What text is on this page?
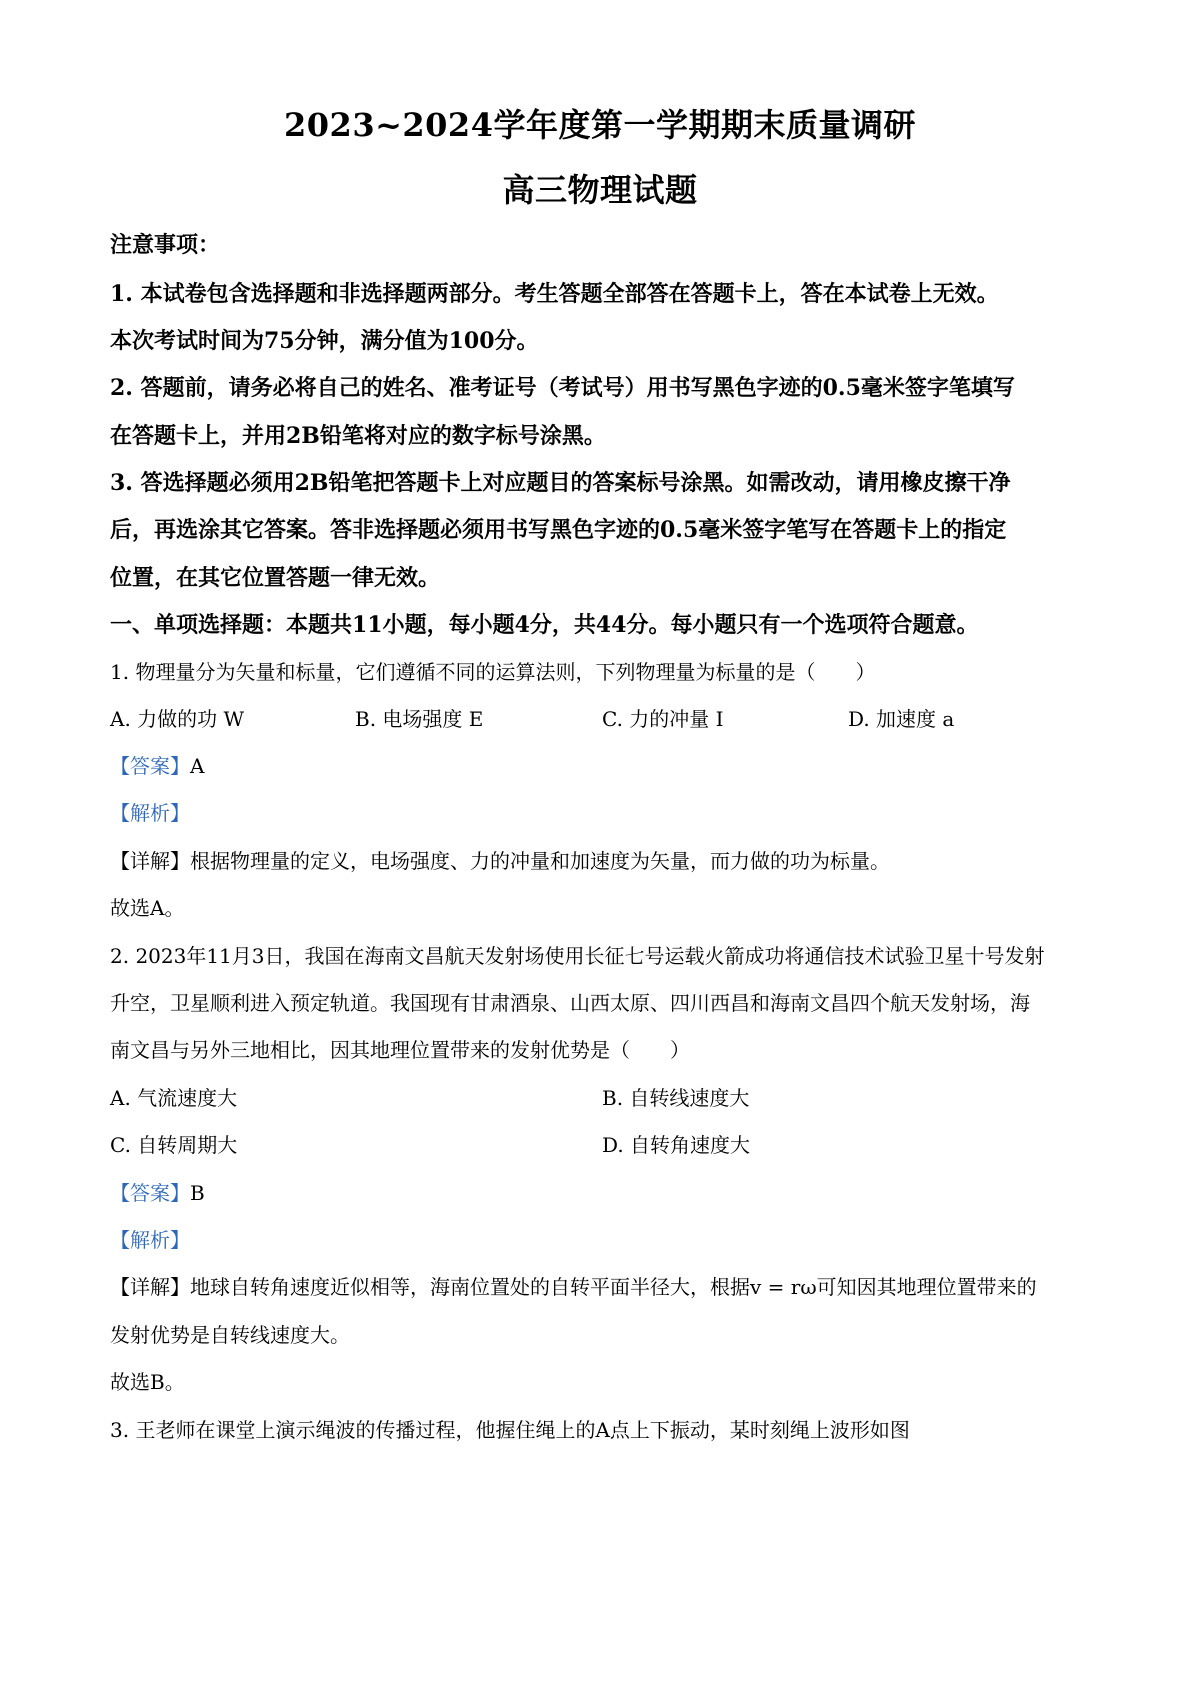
2023~2024学年度第一学期期末质量调研
高三物理试题
注意事项：
1. 本试卷包含选择题和非选择题两部分。考生答题全部答在答题卡上，答在本试卷上无效。
本次考试时间为75分钟，满分值为100分。
2. 答题前，请务必将自己的姓名、准考证号（考试号）用书写黑色字迹的0.5毫米签字笔填写
在答题卡上，并用2B铅笔将对应的数字标号涂黑。
3. 答选择题必须用2B铅笔把答题卡上对应题目的答案标号涂黑。如需改动，请用橡皮擦干净
后，再选涂其它答案。答非选择题必须用书写黑色字迹的0.5毫米签字笔写在答题卡上的指定
位置，在其它位置答题一律无效。
一、单项选择题：本题共11小题，每小题4分，共44分。每小题只有一个选项符合题意。
1. 物理量分为矢量和标量，它们遵循不同的运算法则，下列物理量为标量的是（　　）
A. 力做的功 W	B. 电场强度 E	C. 力的冲量 I	D. 加速度 a
【答案】A
【解析】
【详解】根据物理量的定义，电场强度、力的冲量和加速度为矢量，而力做的功为标量。
故选A。
2. 2023年11月3日，我国在海南文昌航天发射场使用长征七号运载火箭成功将通信技术试验卫星十号发射
升空，卫星顺利进入预定轨道。我国现有甘肃酒泉、山西太原、四川西昌和海南文昌四个航天发射场，海
南文昌与另外三地相比，因其地理位置带来的发射优势是（　　）
A. 气流速度大	B. 自转线速度大
C. 自转周期大	D. 自转角速度大
【答案】B
【解析】
【详解】地球自转角速度近似相等，海南位置处的自转平面半径大，根据v = rω可知因其地理位置带来的
发射优势是自转线速度大。
故选B。
3. 王老师在课堂上演示绳波的传播过程，他握住绳上的A点上下振动，某时刻绳上波形如图
